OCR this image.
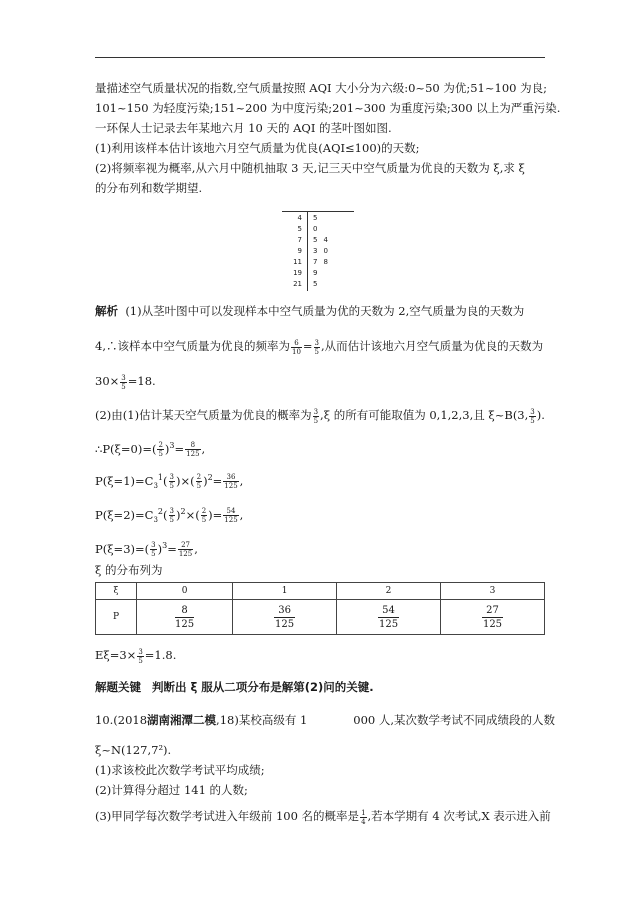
量描述空气质量状况的指数,空气质量按照 AQI 大小分为六级:0~50 为优;51~100 为良;
101~150 为轻度污染;151~200 为中度污染;201~300 为重度污染;300 以上为严重污染.
一环保人士记录去年某地六月 10 天的 AQI 的茎叶图如图.
(1)利用该样本估计该地六月空气质量为优良(AQI≤100)的天数;
(2)将频率视为概率,从六月中随机抽取 3 天,记三天中空气质量为优良的天数为 ξ,求 ξ
的分布列和数学期望.
4 5
5 0
7 5 4
9 3 0
11 7 8
19 9
21 5
解析 (1)从茎叶图中可以发现样本中空气质量为优的天数为 2,空气质量为良的天数为
4,∴该样本中空气质量为优良的频率为 $\frac{6}{10} = \frac{3}{5}$ ,从而估计该地六月空气质量为优良的天数为
$30\times \frac{3}{5} =18$.
(2)由(1)估计某天空气质量为优良的概率为 $\frac{3}{5} ,\xi$ 的所有可能取值为 0,1,2,3,且 ξ~B(3, $\frac{3}{5}$ ).
∴P(ξ=0)=( $\frac{2}{5} )^3= \frac{8}{125}$ ,
$P(\xi=1)=C_3^1( \frac{3}{5}$ )×( $\frac{2}{5} )^2= \frac{36}{125}$ ,
$P(\xi=2)=C_3^2( \frac{3}{5} )^2\times( \frac{2}{5}$ )= $\frac{54}{125}$ ,
$P(\xi=3)=( \frac{3}{5} )^3= \frac{27}{125}$ ,
ξ 的分布列为
ξ	0	1	2	3
P	$\frac{8}{125}$	$\frac{36}{125}$	$\frac{54}{125}$	$\frac{27}{125}$
$E\xi=3\times \frac{3}{5} =1.8$.
解题关键 判断出 ξ 服从二项分布是解第(2)问的关键.
10.(2018湖南湘潭二模,18)某校高级有 1	000 人,某次数学考试不同成绩段的人数
ξ~N(127,7²).
(1)求该校此次数学考试平均成绩;
(2)计算得分超过 141 的人数;
(3)甲同学每次数学考试进入年级前 100 名的概率是 $\frac{1}{4}$ ,若本学期有 4 次考试,X 表示进入前
